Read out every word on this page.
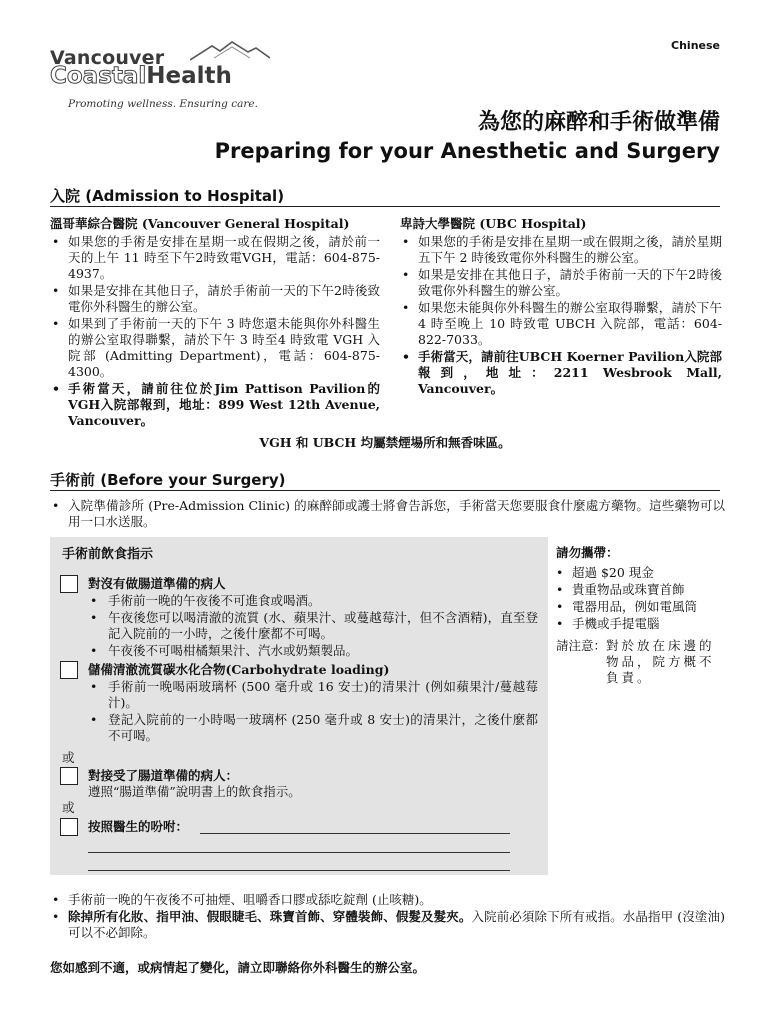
Chinese
Vancouver
CoastalHealth
Promoting wellness. Ensuring care.
為您的麻醉和手術做準備
Preparing for your Anesthetic and Surgery
入院 (Admission to Hospital)
溫哥華綜合醫院 (Vancouver General Hospital)
• 如果您的手術是安排在星期一或在假期之後，請於前一天的上午 11 時至下午2時致電VGH，電話：604-875-4937。
• 如果是安排在其他日子，請於手術前一天的下午2時後致電你外科醫生的辦公室。
• 如果到了手術前一天的下午 3 時您還未能與你外科醫生的辦公室取得聯繫，請於下午 3 時至4 時致電 VGH 入院部 (Admitting Department)，電話：604-875-4300。
• 手術當天，請前往位於Jim Pattison Pavilion的VGH入院部報到，地址：899 West 12th Avenue, Vancouver。
卑詩大學醫院 (UBC Hospital)
• 如果您的手術是安排在星期一或在假期之後，請於星期五下午 2 時後致電你外科醫生的辦公室。
• 如果是安排在其他日子，請於手術前一天的下午2時後致電你外科醫生的辦公室。
• 如果您未能與你外科醫生的辦公室取得聯繫，請於下午 4 時至晚上 10 時致電 UBCH 入院部，電話：604-822-7033。
• 手術當天，請前往UBCH Koerner Pavilion入院部報到，地址：2211 Wesbrook Mall, Vancouver。
VGH 和 UBCH 均屬禁煙場所和無香味區。
手術前 (Before your Surgery)
• 入院準備診所 (Pre-Admission Clinic) 的麻醉師或護士將會告訴您，手術當天您要服食什麼處方藥物。這些藥物可以用一口水送服。
手術前飲食指示
對沒有做腸道準備的病人
• 手術前一晚的午夜後不可進食或喝酒。
• 午夜後您可以喝清澈的流質 (水、蘋果汁、或蔓越莓汁，但不含酒精)，直至登記入院前的一小時，之後什麼都不可喝。
• 午夜後不可喝柑橘類果汁、汽水或奶類製品。
儲備清澈流質碳水化合物(Carbohydrate loading)
• 手術前一晚喝兩玻璃杯 (500 毫升或 16 安士)的清果汁 (例如蘋果汁/蔓越莓汁)。
• 登記入院前的一小時喝一玻璃杯 (250 毫升或 8 安士)的清果汁，之後什麼都不可喝。
或
對接受了腸道準備的病人：
遵照“腸道準備”說明書上的飲食指示。
或
按照醫生的吩咐：
請勿攜帶：
• 超過 $20 現金
• 貴重物品或珠寶首飾
• 電器用品，例如電風筒
• 手機或手提電腦
請注意： 對於放在床邊的物品，院方概不負責。
• 手術前一晚的午夜後不可抽煙、咀嚼香口膠或舔吃錠劑 (止咳糖)。
• 除掉所有化妝、指甲油、假眼睫毛、珠寶首飾、穿體裝飾、假髮及髮夾。入院前必須除下所有戒指。水晶指甲 (沒塗油) 可以不必卸除。
您如感到不適，或病情起了變化，請立即聯絡你外科醫生的辦公室。
